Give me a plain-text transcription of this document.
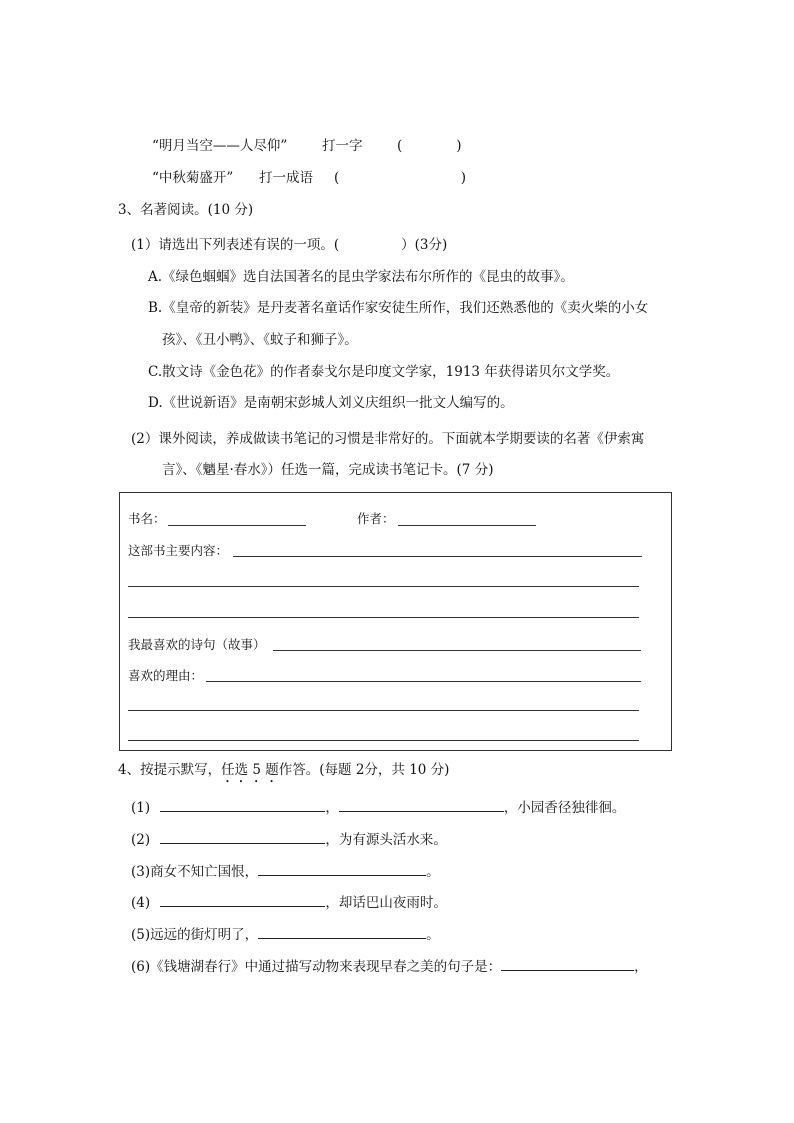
“明月当空——人尽仰”	打一字	(　　　　)
“中秋菊盛开” 打一成语 (　　　　　　　　　)
3、名著阅读。(10 分)
(1）请选出下列表述有误的一项。(	）(3分)
A.《绿色蝈蝈》选自法国著名的昆虫学家法布尔所作的《昆虫的故事》。
B.《皇帝的新装》是丹麦著名童话作家安徒生所作，我们还熟悉他的《卖火柴的小女
孩》、《丑小鸭》、《蚊子和狮子》。
C.散文诗《金色花》的作者泰戈尔是印度文学家，1913 年获得诺贝尔文学奖。
D.《世说新语》是南朝宋彭城人刘义庆组织一批文人编写的。
(2）课外阅读，养成做读书笔记的习惯是非常好的。下面就本学期要读的名著《伊索寓
言》、《魑星·春水》）任选一篇，完成读书笔记卡。(7 分)
书名：	作者：
这部书主要内容：
我最喜欢的诗句（故事）
喜欢的理由：
4、按提示默写，任选 5 题作答。(每题 2分，共 10 分)
(1)	，	，小园香径独徘徊。
(2)	，为有源头活水来。
(3)商女不知亡国恨，	。
(4)	，却话巴山夜雨时。
(5)远远的街灯明了，	。
(6)《钱塘湖春行》中通过描写动物来表现早春之美的句子是：	，
